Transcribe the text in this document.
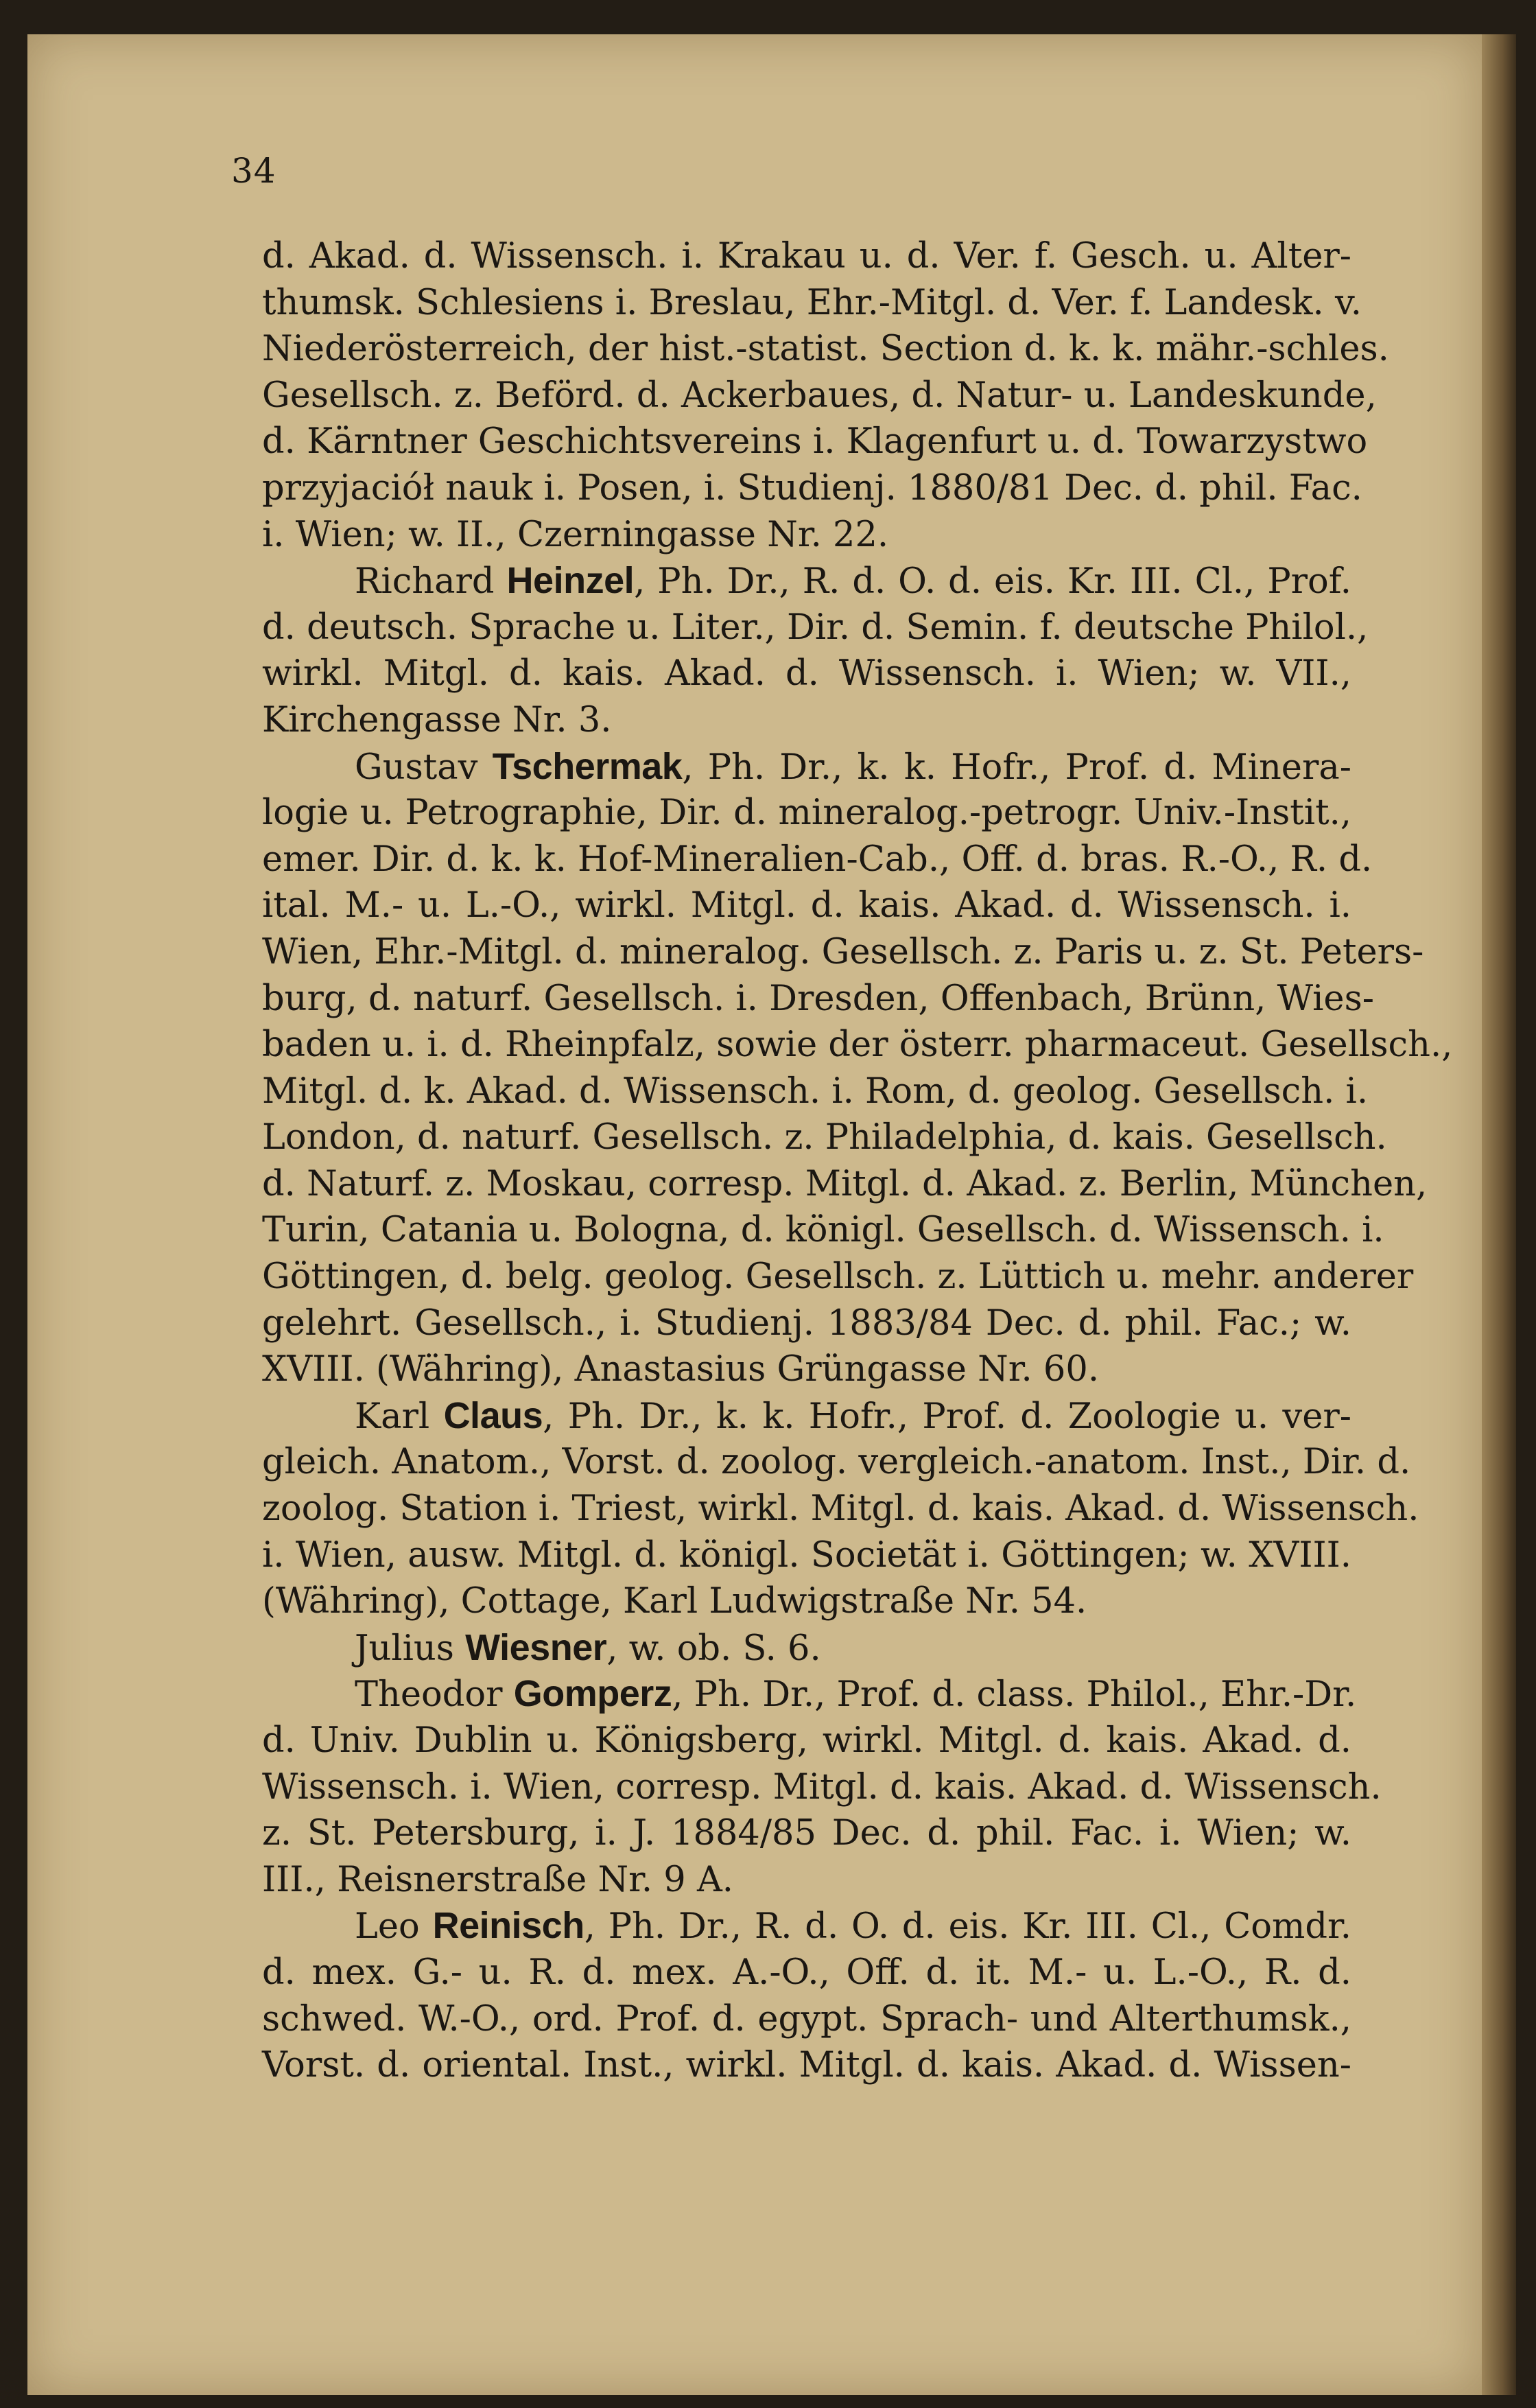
34
d. Akad. d. Wissensch. i. Krakau u. d. Ver. f. Gesch. u. Alter-
thumsk. Schlesiens i. Breslau, Ehr.-Mitgl. d. Ver. f. Landesk. v.
Niederösterreich, der hist.-statist. Section d. k. k. mähr.-schles.
Gesellsch. z. Beförd. d. Ackerbaues, d. Natur- u. Landeskunde,
d. Kärntner Geschichtsvereins i. Klagenfurt u. d. Towarzystwo
przyjaciół nauk i. Posen, i. Studienj. 1880/81 Dec. d. phil. Fac.
i. Wien; w. II., Czerningasse Nr. 22.
Richard Heinzel, Ph. Dr., R. d. O. d. eis. Kr. III. Cl., Prof.
d. deutsch. Sprache u. Liter., Dir. d. Semin. f. deutsche Philol.,
wirkl. Mitgl. d. kais. Akad. d. Wissensch. i. Wien; w. VII.,
Kirchengasse Nr. 3.
Gustav Tschermak, Ph. Dr., k. k. Hofr., Prof. d. Minera-
logie u. Petrographie, Dir. d. mineralog.-petrogr. Univ.-Instit.,
emer. Dir. d. k. k. Hof-Mineralien-Cab., Off. d. bras. R.-O., R. d.
ital. M.- u. L.-O., wirkl. Mitgl. d. kais. Akad. d. Wissensch. i.
Wien, Ehr.-Mitgl. d. mineralog. Gesellsch. z. Paris u. z. St. Peters-
burg, d. naturf. Gesellsch. i. Dresden, Offenbach, Brünn, Wies-
baden u. i. d. Rheinpfalz, sowie der österr. pharmaceut. Gesellsch.,
Mitgl. d. k. Akad. d. Wissensch. i. Rom, d. geolog. Gesellsch. i.
London, d. naturf. Gesellsch. z. Philadelphia, d. kais. Gesellsch.
d. Naturf. z. Moskau, corresp. Mitgl. d. Akad. z. Berlin, München,
Turin, Catania u. Bologna, d. königl. Gesellsch. d. Wissensch. i.
Göttingen, d. belg. geolog. Gesellsch. z. Lüttich u. mehr. anderer
gelehrt. Gesellsch., i. Studienj. 1883/84 Dec. d. phil. Fac.; w.
XVIII. (Währing), Anastasius Grüngasse Nr. 60.
Karl Claus, Ph. Dr., k. k. Hofr., Prof. d. Zoologie u. ver-
gleich. Anatom., Vorst. d. zoolog. vergleich.-anatom. Inst., Dir. d.
zoolog. Station i. Triest, wirkl. Mitgl. d. kais. Akad. d. Wissensch.
i. Wien, ausw. Mitgl. d. königl. Societät i. Göttingen; w. XVIII.
(Währing), Cottage, Karl Ludwigstraße Nr. 54.
Julius Wiesner, w. ob. S. 6.
Theodor Gomperz, Ph. Dr., Prof. d. class. Philol., Ehr.-Dr.
d. Univ. Dublin u. Königsberg, wirkl. Mitgl. d. kais. Akad. d.
Wissensch. i. Wien, corresp. Mitgl. d. kais. Akad. d. Wissensch.
z. St. Petersburg, i. J. 1884/85 Dec. d. phil. Fac. i. Wien; w.
III., Reisnerstraße Nr. 9 A.
Leo Reinisch, Ph. Dr., R. d. O. d. eis. Kr. III. Cl., Comdr.
d. mex. G.- u. R. d. mex. A.-O., Off. d. it. M.- u. L.-O., R. d.
schwed. W.-O., ord. Prof. d. egypt. Sprach- und Alterthumsk.,
Vorst. d. oriental. Inst., wirkl. Mitgl. d. kais. Akad. d. Wissen-
